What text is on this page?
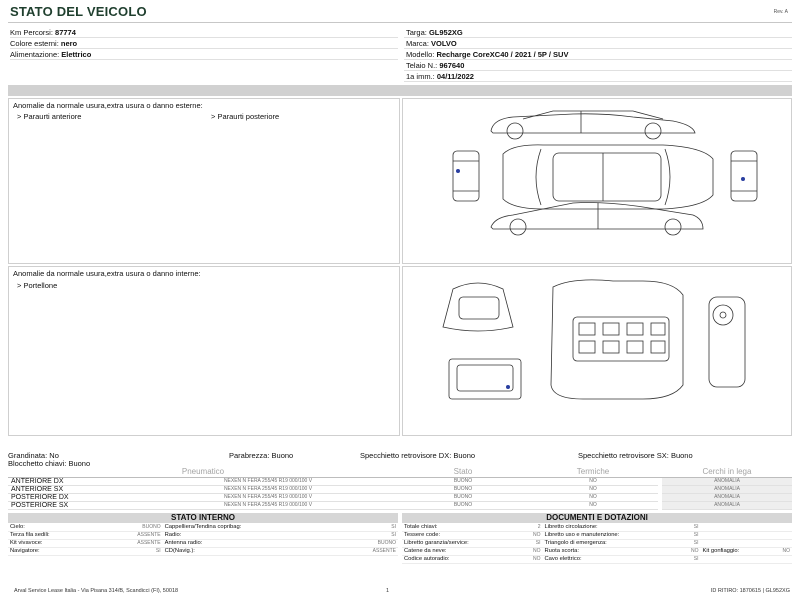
STATO DEL VEICOLO	Rev. A
Km Percorsi: 87774
Colore esterni: nero
Alimentazione: Elettrico
Targa: GL952XG
Marca: VOLVO
Modello: Recharge CoreXC40 / 2021 / 5P / SUV
Telaio N.: 967640
1a imm.: 04/11/2022
Anomalie da normale usura,extra usura o danno esterne:
> Paraurti anteriore	> Paraurti posteriore
Anomalie da normale usura,extra usura o danno interne:
> Portellone
Grandinata: No	Parabrezza: Buono	Specchietto retrovisore DX: Buono	Specchietto retrovisore SX: Buono
Blocchetto chiavi: Buono
Pneumatico		Stato	Termiche		Cerchi in lega
ANTERIORE DX	NEXEN N FERA 255/45 R19 000/100 V	BUONO	NO		ANOMALIA
ANTERIORE SX	NEXEN N FERA 255/45 R19 000/100 V	BUONO	NO		ANOMALIA
POSTERIORE DX	NEXEN N FERA 255/45 R19 000/100 V	BUONO	NO		ANOMALIA
POSTERIORE SX	NEXEN N FERA 255/45 R19 000/100 V	BUONO	NO		ANOMALIA
STATO INTERNO
Cielo:	BUONO	Cappelliera/Tendina copribag:	SI
Terza fila sedili:	ASSENTE	Radio:	SI
Kit vivavoce:	ASSENTE	Antenna radio:	BUONO
Navigatore:	SI	CD(Navig.):	ASSENTE
DOCUMENTI E DOTAZIONI
Totale chiavi:	2	Libretto circolazione:	SI		
Tessere code:	NO	Libretto uso e manutenzione:	SI		
Libretto garanzia/service:	SI	Triangolo di emergenza:	SI		
Catene da neve:	NO	Ruota scorta:	NO	Kit gonfiaggio:	NO
Codice autoradio:	NO	Cavo elettrico:	SI		
Arval Service Lease Italia - Via Pisana 314/B, Scandicci (FI), 50018	1	ID RITIRO: 1870615 | GL952XG
